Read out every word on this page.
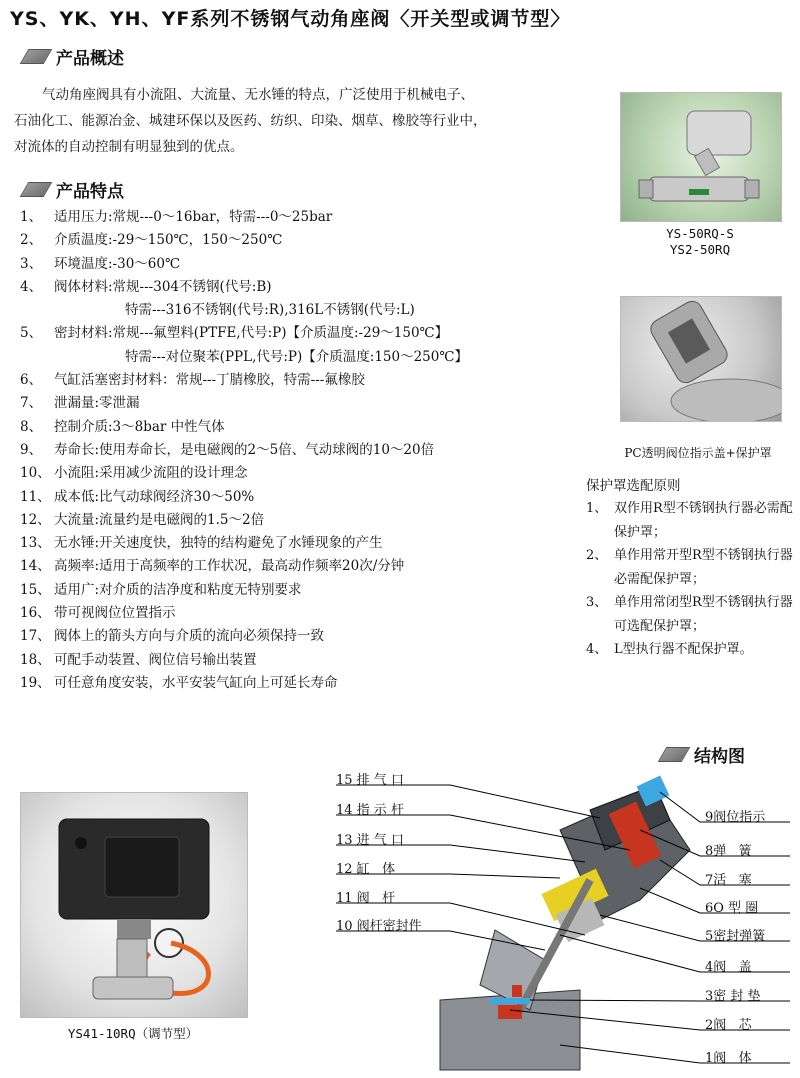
YS、YK、YH、YF系列不锈钢气动角座阀〈开关型或调节型〉
产品概述
气动角座阀具有小流阻、大流量、无水锤的特点，广泛使用于机械电子、
石油化工、能源冶金、城建环保以及医药、纺织、印染、烟草、橡胶等行业中，
对流体的自动控制有明显独到的优点。
产品特点
1、 适用压力:常规---0～16bar，特需---0～25bar
2、 介质温度:-29～150℃，150～250℃
3、 环境温度:-30～60℃
4、 阀体材料:常规---304不锈钢(代号:B)
特需---316不锈钢(代号:R),316L不锈钢(代号:L)
5、 密封材料:常规---氟塑料(PTFE,代号:P)【介质温度:-29～150℃】
特需---对位聚苯(PPL,代号:P)【介质温度:150～250℃】
6、 气缸活塞密封材料：常规---丁腈橡胶，特需---氟橡胶
7、 泄漏量:零泄漏
8、 控制介质:3～8bar 中性气体
9、 寿命长:使用寿命长，是电磁阀的2～5倍、气动球阀的10～20倍
10、 小流阻:采用减少流阻的设计理念
11、 成本低:比气动球阀经济30～50%
12、 大流量:流量约是电磁阀的1.5～2倍
13、 无水锤:开关速度快，独特的结构避免了水锤现象的产生
14、 高频率:适用于高频率的工作状况，最高动作频率20次/分钟
15、 适用广:对介质的洁净度和粘度无特别要求
16、 带可视阀位位置指示
17、 阀体上的箭头方向与介质的流向必须保持一致
18、 可配手动装置、阀位信号输出装置
19、 可任意角度安装，水平安装气缸向上可延长寿命
YS-50RQ-S
YS2-50RQ
PC透明阀位指示盖+保护罩
保护罩选配原则
1、 双作用R型不锈钢执行器必需配保护罩；
2、 单作用常开型R型不锈钢执行器必需配保护罩；
3、 单作用常闭型R型不锈钢执行器可选配保护罩；
4、 L型执行器不配保护罩。
YS41-10RQ（调节型）
结构图
15 排 气 口
14 指 示 杆
13 进 气 口
12 缸   体
11 阀   杆
10 阀杆密封件
9阀位指示
8弹   簧
7活   塞
6O 型 圈
5密封弹簧
4阀   盖
3密 封 垫
2阀   芯
1阀   体
